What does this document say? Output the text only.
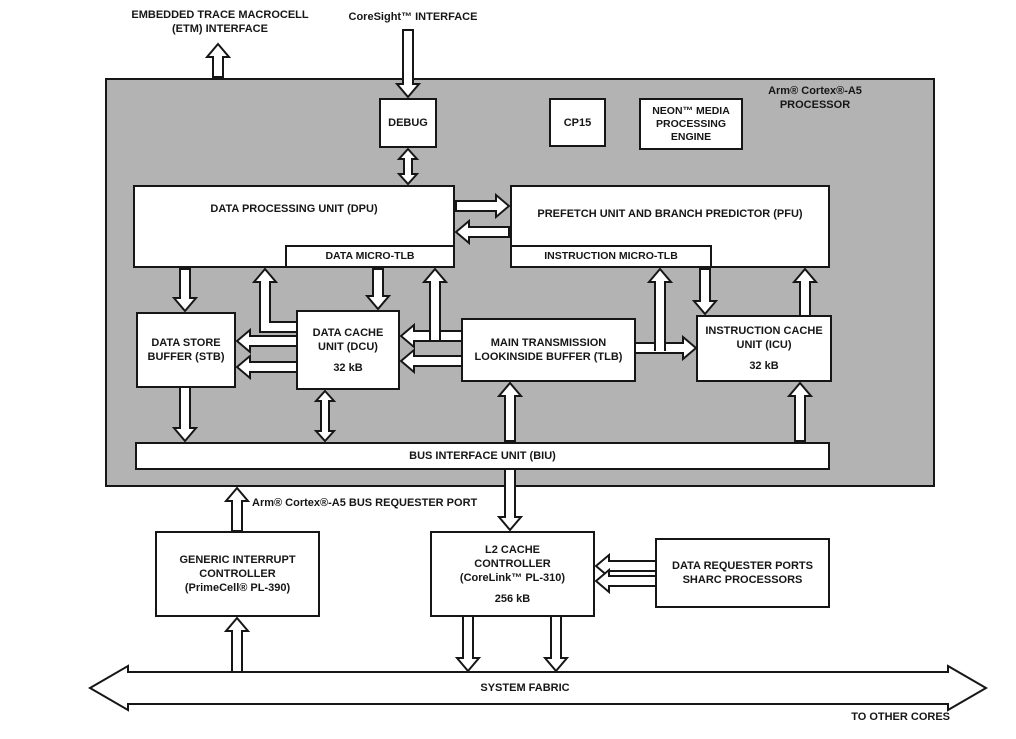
EMBEDDED TRACE MACROCELL
(ETM) INTERFACE
CoreSight™ INTERFACE
Arm® Cortex®-A5
PROCESSOR
DEBUG	CP15
NEON™ MEDIA
PROCESSING
ENGINE
DATA PROCESSING UNIT (DPU)
DATA MICRO-TLB
PREFETCH UNIT AND BRANCH PREDICTOR (PFU)
INSTRUCTION MICRO-TLB
DATA STORE
BUFFER (STB)
DATA CACHE
UNIT (DCU)
32 kB
MAIN TRANSMISSION
LOOKINSIDE BUFFER (TLB)
INSTRUCTION CACHE
UNIT (ICU)
32 kB
BUS INTERFACE UNIT (BIU)
Arm® Cortex®-A5 BUS REQUESTER PORT
GENERIC INTERRUPT
CONTROLLER
(PrimeCell® PL-390)
L2 CACHE
CONTROLLER
(CoreLink™ PL-310)
256 kB
DATA REQUESTER PORTS
SHARC PROCESSORS
SYSTEM FABRIC
TO OTHER CORES
